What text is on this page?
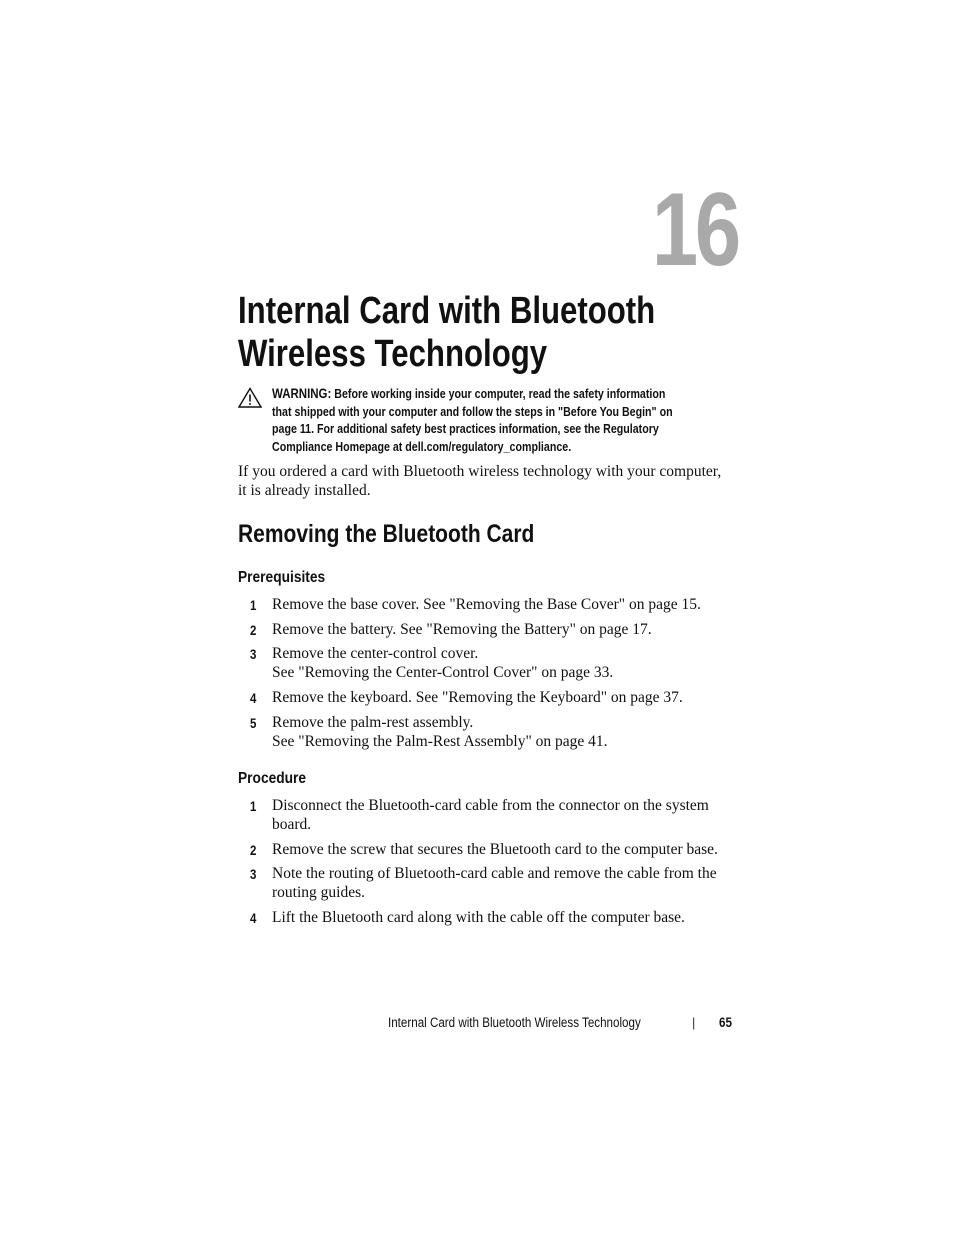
16
Internal Card with Bluetooth
Wireless Technology
WARNING: Before working inside your computer, read the safety information
that shipped with your computer and follow the steps in "Before You Begin" on
page 11. For additional safety best practices information, see the Regulatory
Compliance Homepage at dell.com/regulatory_compliance.

If you ordered a card with Bluetooth wireless technology with your computer,
it is already installed.

Removing the Bluetooth Card
Prerequisites
1 Remove the base cover. See "Removing the Base Cover" on page 15.
2 Remove the battery. See "Removing the Battery" on page 17.
3 Remove the center-control cover.
See "Removing the Center-Control Cover" on page 33.
4 Remove the keyboard. See "Removing the Keyboard" on page 37.
5 Remove the palm-rest assembly.
See "Removing the Palm-Rest Assembly" on page 41.
Procedure
1 Disconnect the Bluetooth-card cable from the connector on the system
board.
2 Remove the screw that secures the Bluetooth card to the computer base.
3 Note the routing of Bluetooth-card cable and remove the cable from the
routing guides.
4 Lift the Bluetooth card along with the cable off the computer base.
Internal Card with Bluetooth Wireless Technology	| 65
